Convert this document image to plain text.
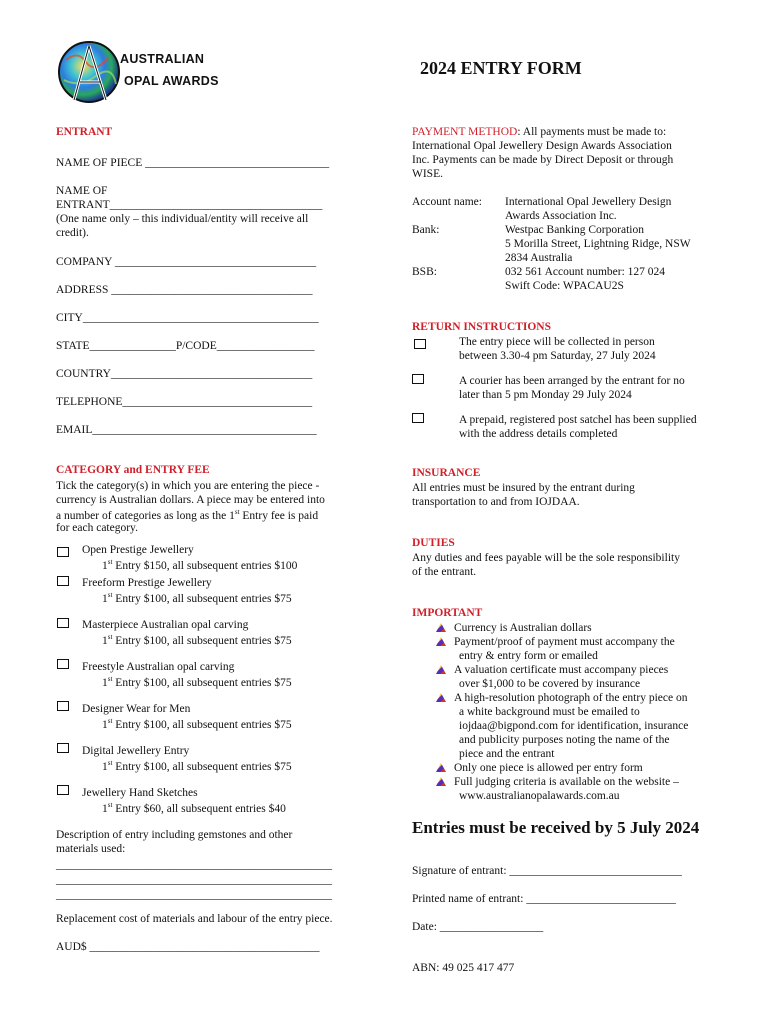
AUSTRALIAN
OPAL AWARDS
2024 ENTRY FORM
ENTRANT
NAME OF PIECE ________________________________
NAME OF
ENTRANT_____________________________________
(One name only – this individual/entity will receive all
credit).
COMPANY ___________________________________
ADDRESS ___________________________________
CITY_________________________________________
STATE_______________P/CODE_________________
COUNTRY___________________________________
TELEPHONE_________________________________
EMAIL_______________________________________
CATEGORY and ENTRY FEE
Tick the category(s) in which you are entering the piece -
currency is Australian dollars. A piece may be entered into
a number of categories as long as the 1st Entry fee is paid
for each category.
Open Prestige Jewellery
1st Entry $150, all subsequent entries $100
Freeform Prestige Jewellery
1st Entry $100, all subsequent entries $75
Masterpiece Australian opal carving
1st Entry $100, all subsequent entries $75
Freestyle Australian opal carving
1st Entry $100, all subsequent entries $75
Designer Wear for Men
1st Entry $100, all subsequent entries $75
Digital Jewellery Entry
1st Entry $100, all subsequent entries $75
Jewellery Hand Sketches
1st Entry $60, all subsequent entries $40
Description of entry including gemstones and other
materials used:
________________________________________________
________________________________________________
________________________________________________
Replacement cost of materials and labour of the entry piece.
AUD$ ________________________________________
PAYMENT METHOD: All payments must be made to:
International Opal Jewellery Design Awards Association
Inc. Payments can be made by Direct Deposit or through
WISE.
Account name: International Opal Jewellery Design
Awards Association Inc.
Bank:	Westpac Banking Corporation
5 Morilla Street, Lightning Ridge, NSW
2834 Australia
BSB:	032 561 Account number: 127 024
Swift Code: WPACAU2S
RETURN INSTRUCTIONS
The entry piece will be collected in person
between 3.30-4 pm Saturday, 27 July 2024
A courier has been arranged by the entrant for no
later than 5 pm Monday 29 July 2024
A prepaid, registered post satchel has been supplied
with the address details completed
INSURANCE
All entries must be insured by the entrant during
transportation to and from IOJDAA.
DUTIES
Any duties and fees payable will be the sole responsibility
of the entrant.
IMPORTANT
Currency is Australian dollars
Payment/proof of payment must accompany the
entry & entry form or emailed
A valuation certificate must accompany pieces
over $1,000 to be covered by insurance
A high-resolution photograph of the entry piece on
a white background must be emailed to
iojdaa@bigpond.com for identification, insurance
and publicity purposes noting the name of the
piece and the entrant
Only one piece is allowed per entry form
Full judging criteria is available on the website –
www.australianopalawards.com.au
Entries must be received by 5 July 2024
Signature of entrant: ______________________________
Printed name of entrant: __________________________
Date: __________________
ABN: 49 025 417 477
